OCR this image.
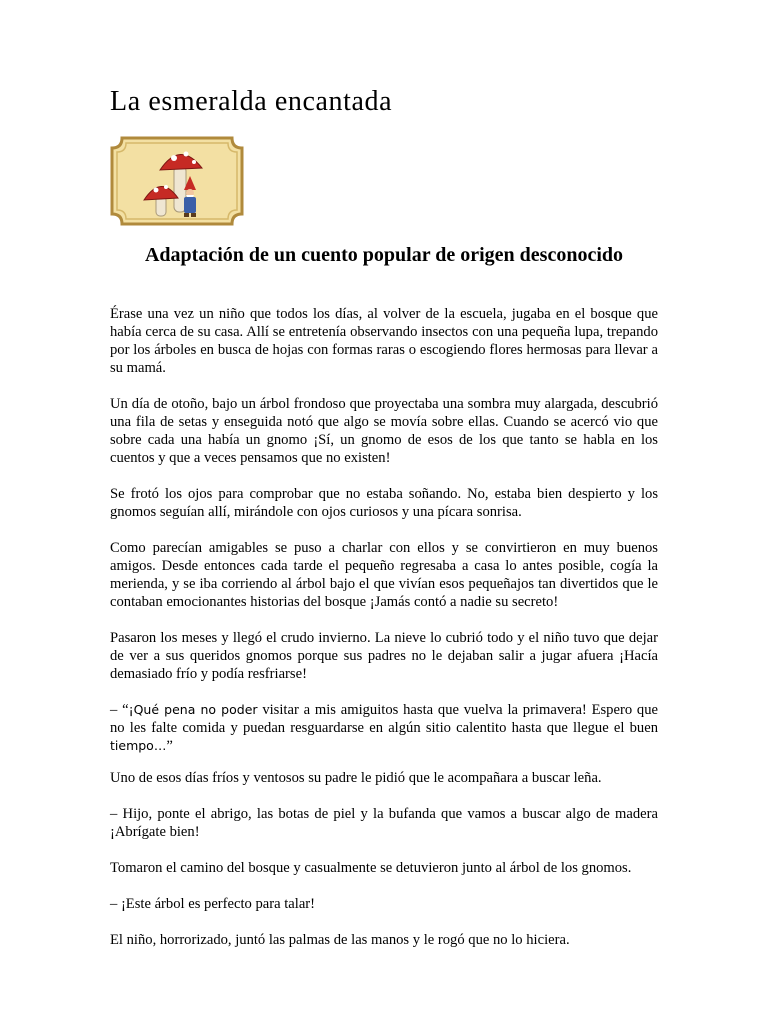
La esmeralda encantada
Adaptación de un cuento popular de origen desconocido

Érase una vez un niño que todos los días, al volver de la escuela, jugaba en el bosque que había cerca de su casa. Allí se entretenía observando insectos con una pequeña lupa, trepando por los árboles en busca de hojas con formas raras o escogiendo flores hermosas para llevar a su mamá.

Un día de otoño, bajo un árbol frondoso que proyectaba una sombra muy alargada, descubrió una fila de setas y enseguida notó que algo se movía sobre ellas. Cuando se acercó vio que sobre cada una había un gnomo ¡Sí, un gnomo de esos de los que tanto se habla en los cuentos y que a veces pensamos que no existen!

Se frotó los ojos para comprobar que no estaba soñando. No, estaba bien despierto y los gnomos seguían allí, mirándole con ojos curiosos y una pícara sonrisa.

Como parecían amigables se puso a charlar con ellos y se convirtieron en muy buenos amigos. Desde entonces cada tarde el pequeño regresaba a casa lo antes posible, cogía la merienda, y se iba corriendo al árbol bajo el que vivían esos pequeñajos tan divertidos que le contaban emocionantes historias del bosque ¡Jamás contó a nadie su secreto!

Pasaron los meses y llegó el crudo invierno. La nieve lo cubrió todo y el niño tuvo que dejar de ver a sus queridos gnomos porque sus padres no le dejaban salir a jugar afuera ¡Hacía demasiado frío y podía resfriarse!

– “¡Qué pena no poder visitar a mis amiguitos hasta que vuelva la primavera! Espero que no les falte comida y puedan resguardarse en algún sitio calentito hasta que llegue el buen tiempo…”

Uno de esos días fríos y ventosos su padre le pidió que le acompañara a buscar leña.

– Hijo, ponte el abrigo, las botas de piel y la bufanda que vamos a buscar algo de madera ¡Abrígate bien!

Tomaron el camino del bosque y casualmente se detuvieron junto al árbol de los gnomos.

– ¡Este árbol es perfecto para talar!

El niño, horrorizado, juntó las palmas de las manos y le rogó que no lo hiciera.
